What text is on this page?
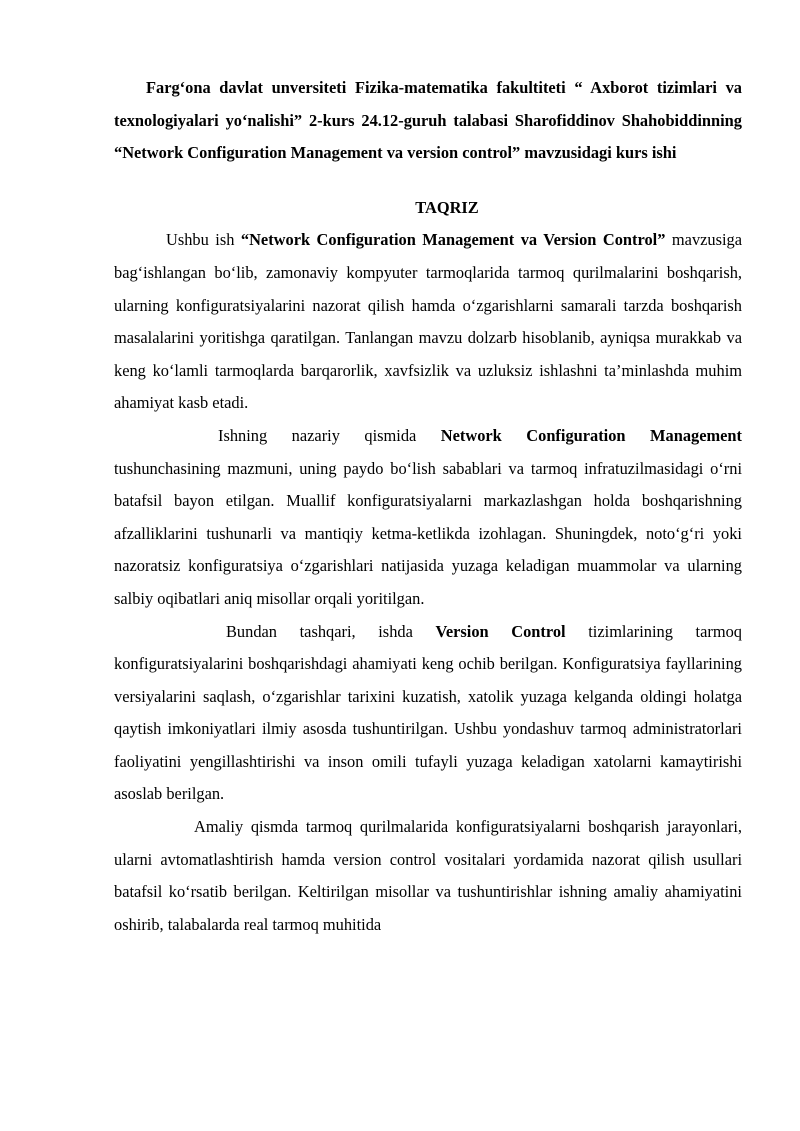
Farg‘ona davlat unversiteti Fizika-matematika fakultiteti “ Axborot tizimlari va texnologiyalari yo‘nalishi” 2-kurs 24.12-guruh talabasi Sharofiddinov Shahobiddinning “Network Configuration Management va version control” mavzusidagi kurs ishi

TAQRIZ

Ushbu ish “Network Configuration Management va Version Control” mavzusiga bag‘ishlangan bo‘lib, zamonaviy kompyuter tarmoqlarida tarmoq qurilmalarini boshqarish, ularning konfiguratsiyalarini nazorat qilish hamda o‘zgarishlarni samarali tarzda boshqarish masalalarini yoritishga qaratilgan. Tanlangan mavzu dolzarb hisoblanib, ayniqsa murakkab va keng ko‘lamli tarmoqlarda barqarorlik, xavfsizlik va uzluksiz ishlashni ta’minlashda muhim ahamiyat kasb etadi.

Ishning nazariy qismida Network Configuration Management tushunchasining mazmuni, uning paydo bo‘lish sabablari va tarmoq infratuzilmasidagi o‘rni batafsil bayon etilgan. Muallif konfiguratsiyalarni markazlashgan holda boshqarishning afzalliklarini tushunarli va mantiqiy ketma-ketlikda izohlagan. Shuningdek, noto‘g‘ri yoki nazoratsiz konfiguratsiya o‘zgarishlari natijasida yuzaga keladigan muammolar va ularning salbiy oqibatlari aniq misollar orqali yoritilgan.

Bundan tashqari, ishda Version Control tizimlarining tarmoq konfiguratsiyalarini boshqarishdagi ahamiyati keng ochib berilgan. Konfiguratsiya fayllarining versiyalarini saqlash, o‘zgarishlar tarixini kuzatish, xatolik yuzaga kelganda oldingi holatga qaytish imkoniyatlari ilmiy asosda tushuntirilgan. Ushbu yondashuv tarmoq administratorlari faoliyatini yengillashtirishi va inson omili tufayli yuzaga keladigan xatolarni kamaytirishi asoslab berilgan.

Amaliy qismda tarmoq qurilmalarida konfiguratsiyalarni boshqarish jarayonlari, ularni avtomatlashtirish hamda version control vositalari yordamida nazorat qilish usullari batafsil ko‘rsatib berilgan. Keltirilgan misollar va tushuntirishlar ishning amaliy ahamiyatini oshirib, talabalarda real tarmoq muhitida
